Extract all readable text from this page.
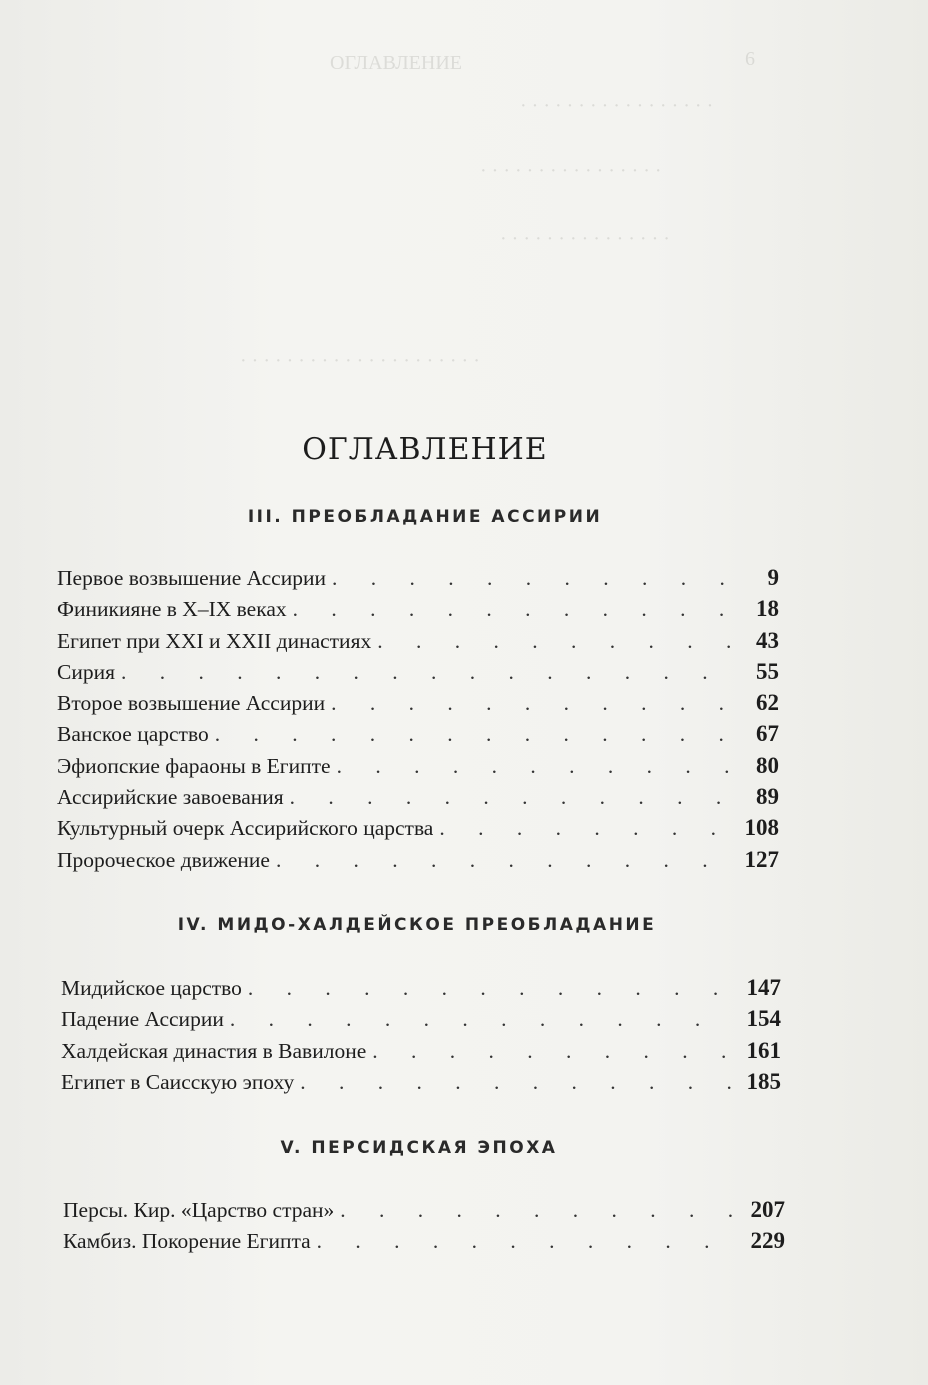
ОГЛАВЛЕНИЕ	6
· · · · · · · · · · · · · · · · ·
· · · · · · · · · · · · · · · ·
· · · · · · · · · · · · · · ·
· · · · · · · · · · · · · · · · · · · · ·
ОГЛАВЛЕНИЕ
III. ПРЕОБЛАДАНИЕ АССИРИИ
Первое возвышение Ассирии . . .	9
Финикияне в X–IX веках . . .	18
Египет при XXI и XXII династиях . . .	43
Сирия . . .	55
Второе возвышение Ассирии . . .	62
Ванское царство . . .	67
Эфиопские фараоны в Египте . . .	80
Ассирийские завоевания . . .	89
Культурный очерк Ассирийского царства . . .	108
Пророческое движение . . .	127
IV. МИДО-ХАЛДЕЙСКОЕ ПРЕОБЛАДАНИЕ
Мидийское царство . . .	147
Падение Ассирии . . .	154
Халдейская династия в Вавилоне . . .	161
Египет в Саисскую эпоху . . .	185
V. ПЕРСИДСКАЯ ЭПОХА
Персы. Кир. «Царство стран» . . .	207
Камбиз. Покорение Египта . . .	229
